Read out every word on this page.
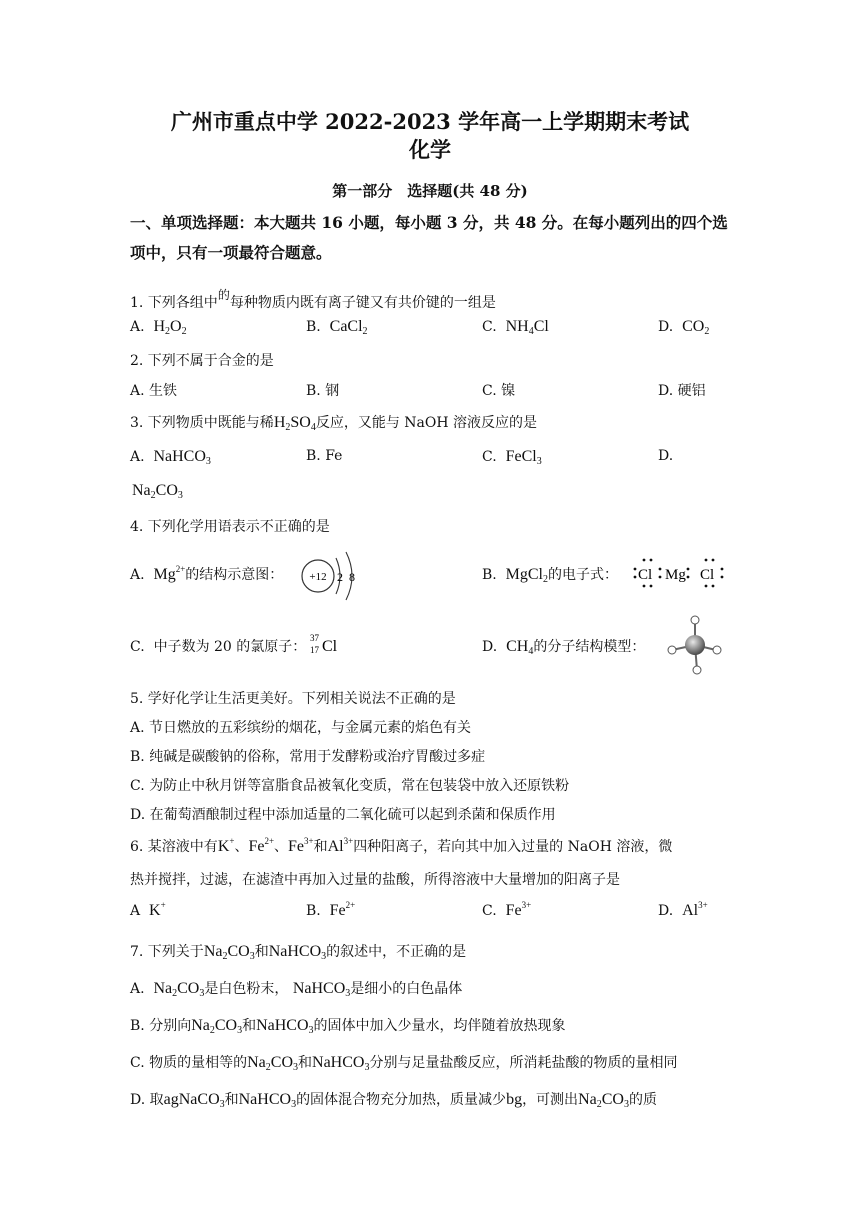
广州市重点中学 2022-2023 学年高一上学期期末考试
化学
第一部分　选择题(共 48 分)
一、单项选择题：本大题共 16 小题，每小题 3 分，共 48 分。在每小题列出的四个选项中，只有一项最符合题意。
1. 下列各组中的每种物质内既有离子键又有共价键的一组是
A. $H_2O_2$	B. CaCl$_2$	C. $NH_4Cl$	D. $CO_2$
2. 下列不属于合金的是
A. 生铁	B. 钢	C. 镍	D. 硬铝
3. 下列物质中既能与稀$H_2SO_4$反应，又能与 NaOH 溶液反应的是
A. NaHCO$_3$	B. Fe	C. FeCl$_3$	D.
$Na_2CO_3$
4. 下列化学用语表示不正确的是
A. $Mg^{2+}$的结构示意图： +12 2 8	B. MgCl$_2$的电子式： Cl Mg Cl
C. 中子数为 20 的氯原子：
37
17 Cl	D. $CH_4$的分子结构模型：
5. 学好化学让生活更美好。下列相关说法不正确的是
A. 节日燃放的五彩缤纷的烟花，与金属元素的焰色有关
B. 纯碱是碳酸钠的俗称，常用于发酵粉或治疗胃酸过多症
C. 为防止中秋月饼等富脂食品被氧化变质，常在包装袋中放入还原铁粉
D. 在葡萄酒酿制过程中添加适量的二氧化硫可以起到杀菌和保质作用
6. 某溶液中有K+、$Fe^{2+}$、$Fe^{3+}$和$Al^{3+}$四种阳离子，若向其中加入过量的 NaOH 溶液，微
热并搅拌，过滤，在滤渣中再加入过量的盐酸，所得溶液中大量增加的阳离子是
A K+	B. $Fe^{2+}$	C. $Fe^{3+}$	D. $Al^{3+}$
7. 下列关于$Na_2CO_3$和NaHCO$_3$的叙述中，不正确的是
A. $Na_2CO_3$是白色粉末， NaHCO$_3$是细小的白色晶体
B. 分别向$Na_2CO_3$和NaHCO$_3$的固体中加入少量水，均伴随着放热现象
C. 物质的量相等的$Na_2CO_3$和NaHCO$_3$分别与足量盐酸反应，所消耗盐酸的物质的量相同
D. 取agNaCO$_3$和NaHCO$_3$的固体混合物充分加热，质量减少bg，可测出$Na_2CO_3$的质
